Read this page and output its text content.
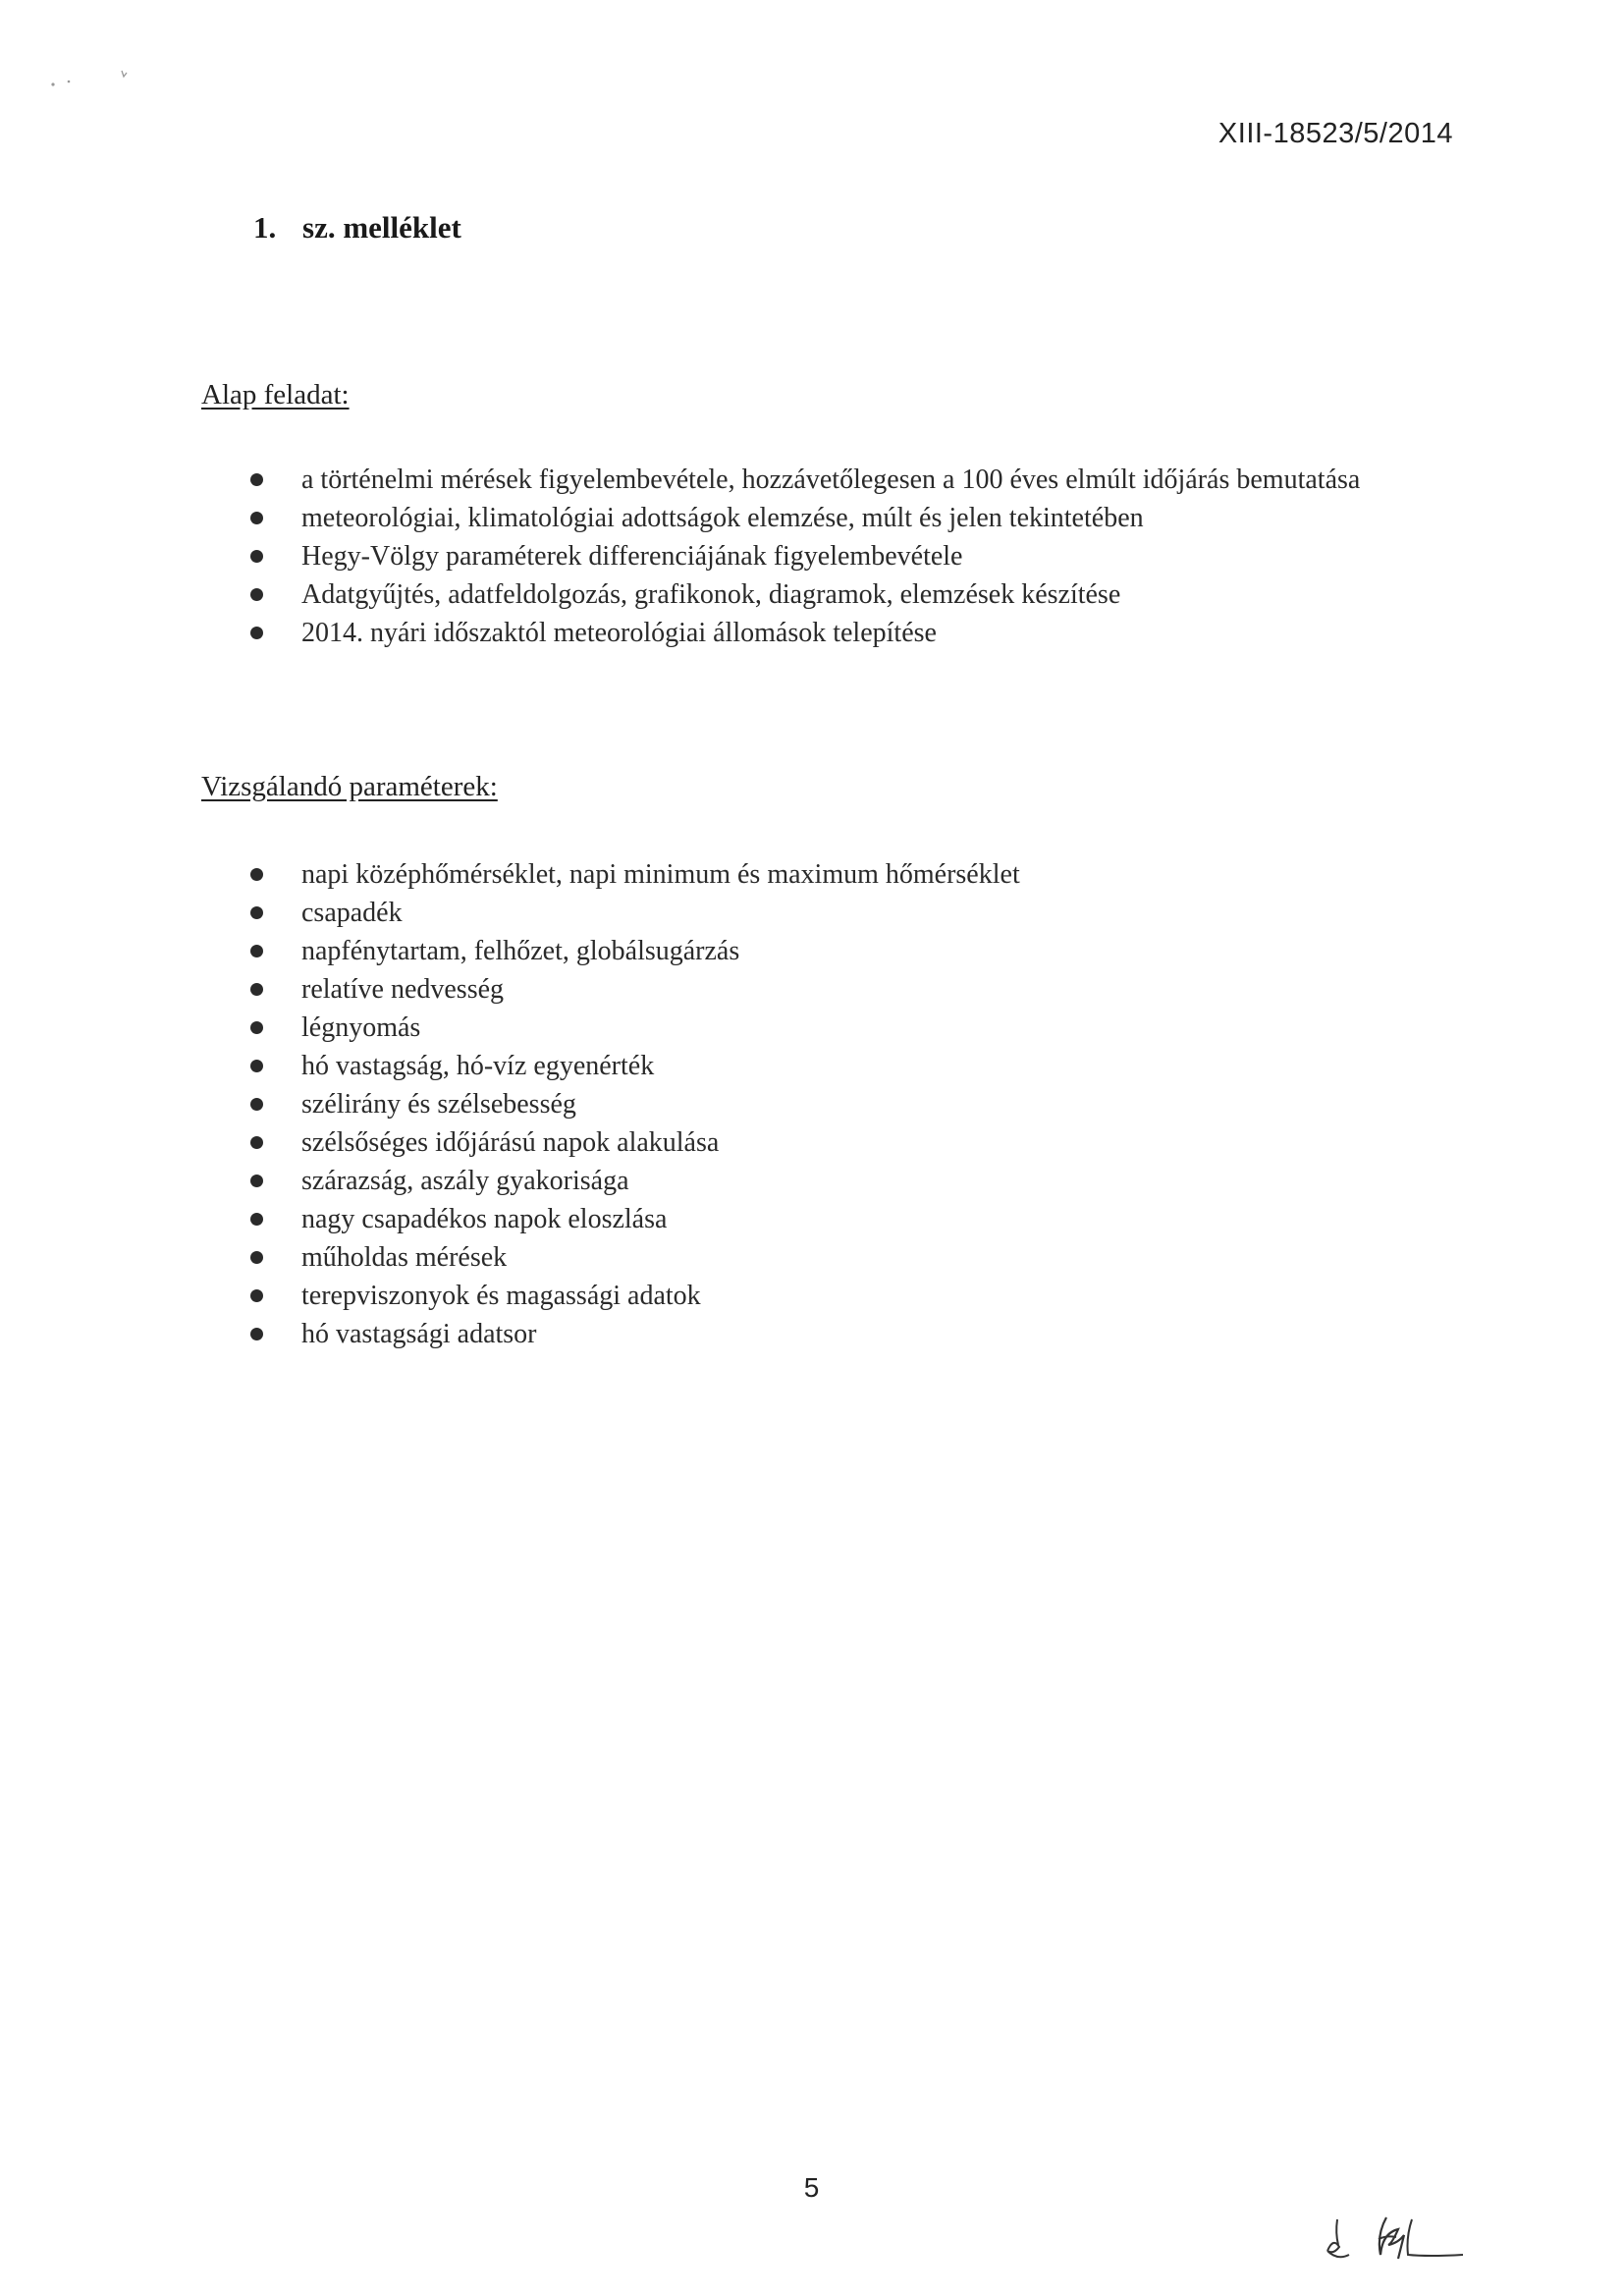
XIII-18523/5/2014
1. sz. melléklet
Alap feladat:
a történelmi mérések figyelembevétele, hozzávetőlegesen a 100 éves elmúlt időjárás bemutatása
meteorológiai, klimatológiai adottságok elemzése, múlt és jelen tekintetében
Hegy-Völgy paraméterek differenciájának figyelembevétele
Adatgyűjtés, adatfeldolgozás, grafikonok, diagramok, elemzések készítése
2014. nyári időszaktól meteorológiai állomások telepítése
Vizsgálandó paraméterek:
napi középhőmérséklet, napi minimum és maximum hőmérséklet
csapadék
napfénytartam, felhőzet, globálsugárzás
relatíve nedvesség
légnyomás
hó vastagság, hó-víz egyenérték
szélirány és szélsebesség
szélsőséges időjárású napok alakulása
szárazság, aszály gyakorisága
nagy csapadékos napok eloszlása
műholdas mérések
terepviszonyok és magassági adatok
hó vastagsági adatsor
5
